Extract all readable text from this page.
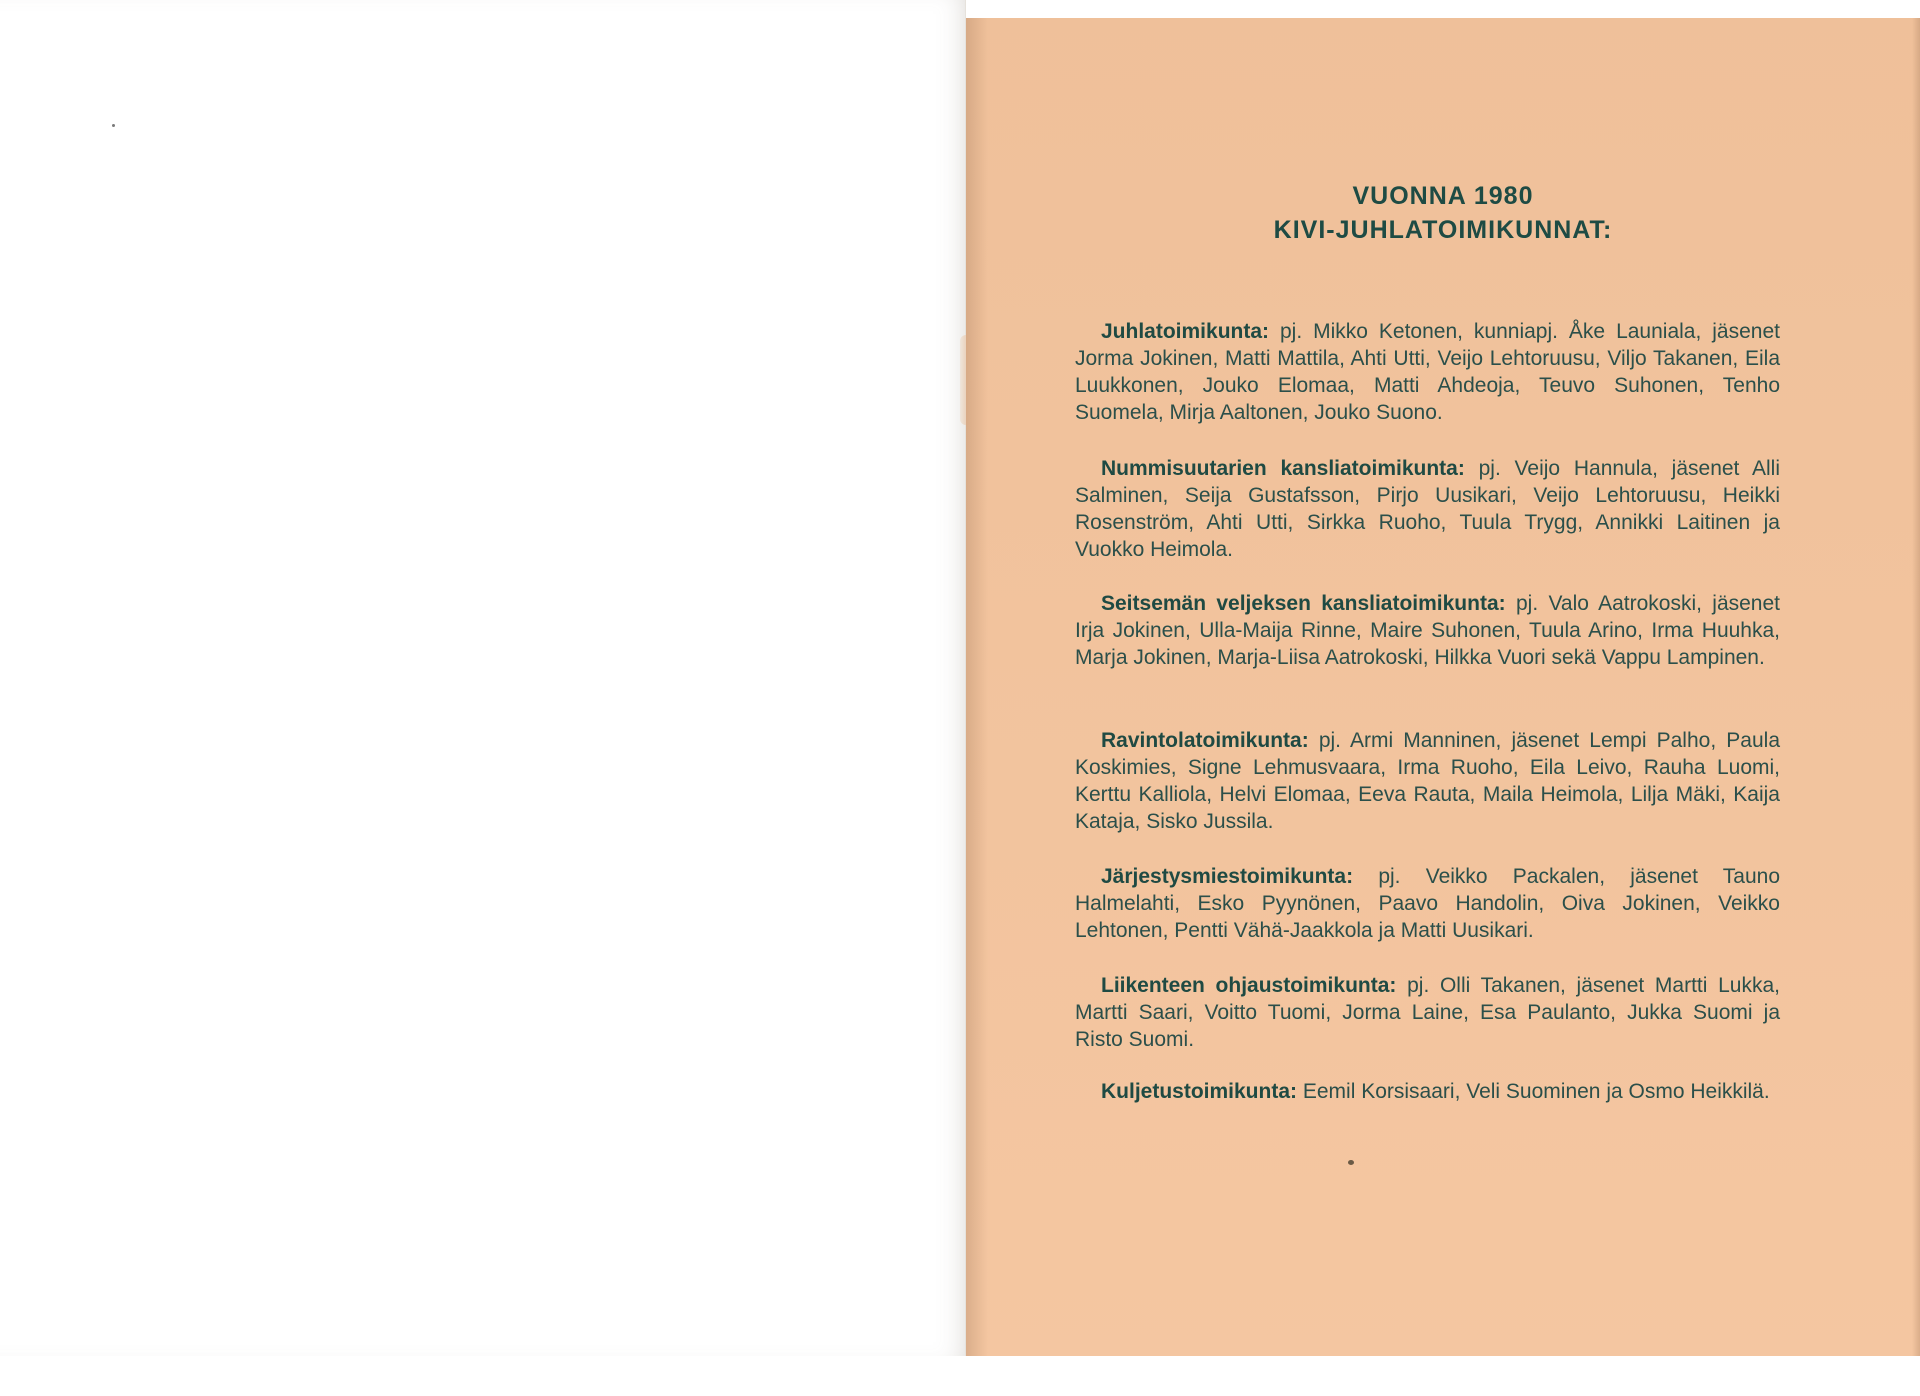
VUONNA 1980
KIVI-JUHLATOIMIKUNNAT:

Juhlatoimikunta: pj. Mikko Ketonen, kunniapj. Åke Launiala, jäsenet Jorma Jokinen, Matti Mattila, Ahti Utti, Veijo Lehtoruusu, Viljo Takanen, Eila Luukkonen, Jouko Elomaa, Matti Ahdeoja, Teuvo Suhonen, Tenho Suomela, Mirja Aaltonen, Jouko Suono.

Nummisuutarien kansliatoimikunta: pj. Veijo Hannula, jäsenet Alli Salminen, Seija Gustafsson, Pirjo Uusikari, Veijo Lehtoruusu, Heikki Rosenström, Ahti Utti, Sirkka Ruoho, Tuula Trygg, Annikki Laitinen ja Vuokko Heimola.

Seitsemän veljeksen kansliatoimikunta: pj. Valo Aatrokoski, jäsenet Irja Jokinen, Ulla-Maija Rinne, Maire Suhonen, Tuula Arino, Irma Huuhka, Marja Jokinen, Marja-Liisa Aatrokoski, Hilkka Vuori sekä Vappu Lampinen.

Ravintolatoimikunta: pj. Armi Manninen, jäsenet Lempi Palho, Paula Koskimies, Signe Lehmusvaara, Irma Ruoho, Eila Leivo, Rauha Luomi, Kerttu Kalliola, Helvi Elomaa, Eeva Rauta, Maila Heimola, Lilja Mäki, Kaija Kataja, Sisko Jussila.

Järjestysmiestoimikunta: pj. Veikko Packalen, jäsenet Tauno Halmelahti, Esko Pyynönen, Paavo Handolin, Oiva Jokinen, Veikko Lehtonen, Pentti Vähä-Jaakkola ja Matti Uusikari.

Liikenteen ohjaustoimikunta: pj. Olli Takanen, jäsenet Martti Lukka, Martti Saari, Voitto Tuomi, Jorma Laine, Esa Paulanto, Jukka Suomi ja Risto Suomi.

Kuljetustoimikunta: Eemil Korsisaari, Veli Suominen ja Osmo Heikkilä.
